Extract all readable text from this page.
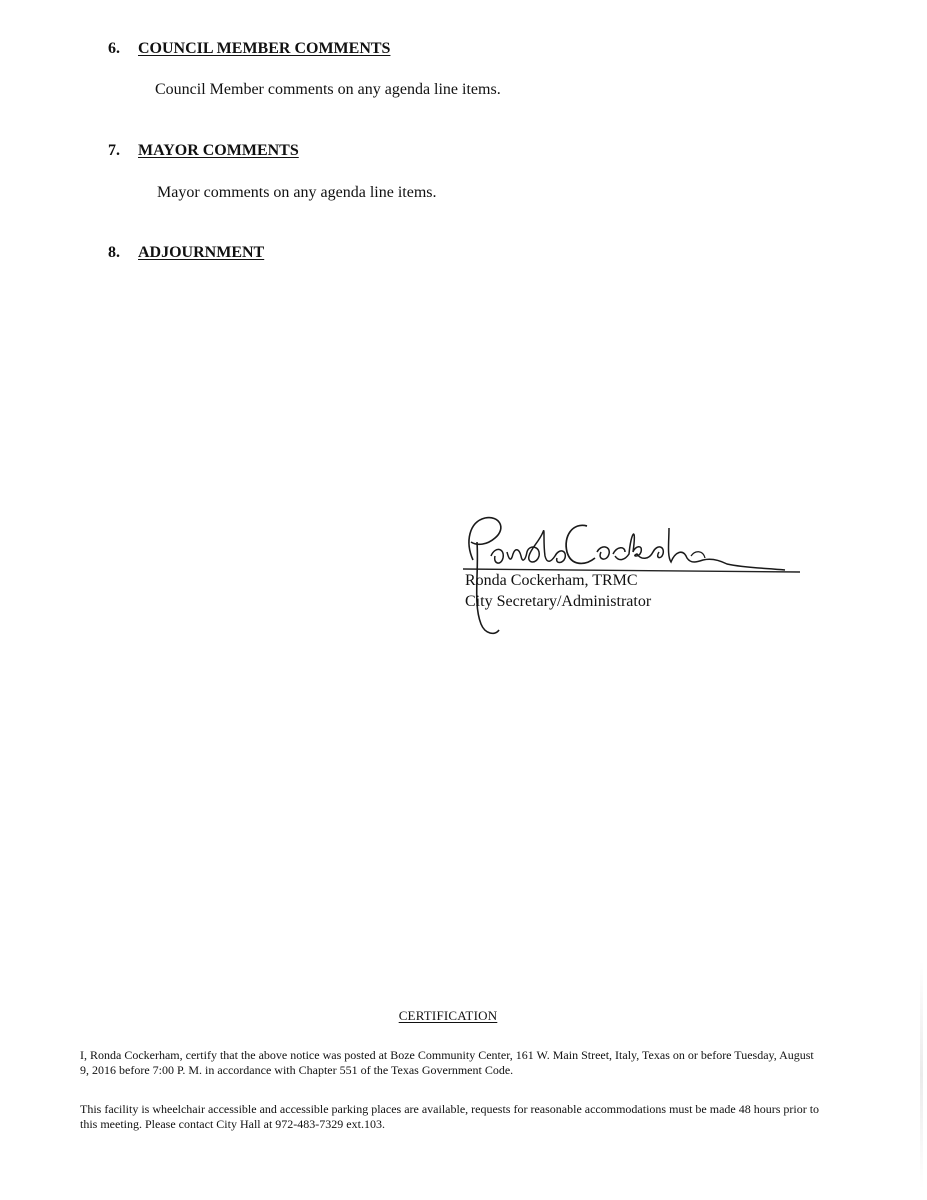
6. COUNCIL MEMBER COMMENTS
Council Member comments on any agenda line items.
7. MAYOR COMMENTS
Mayor comments on any agenda line items.
8. ADJOURNMENT
Ronda Cockerham, TRMC
City Secretary/Administrator
CERTIFICATION
I, Ronda Cockerham, certify that the above notice was posted at Boze Community Center, 161 W. Main Street, Italy, Texas on or before Tuesday, August 9, 2016 before 7:00 P. M. in accordance with Chapter 551 of the Texas Government Code.
This facility is wheelchair accessible and accessible parking places are available, requests for reasonable accommodations must be made 48 hours prior to this meeting. Please contact City Hall at 972-483-7329 ext.103.
